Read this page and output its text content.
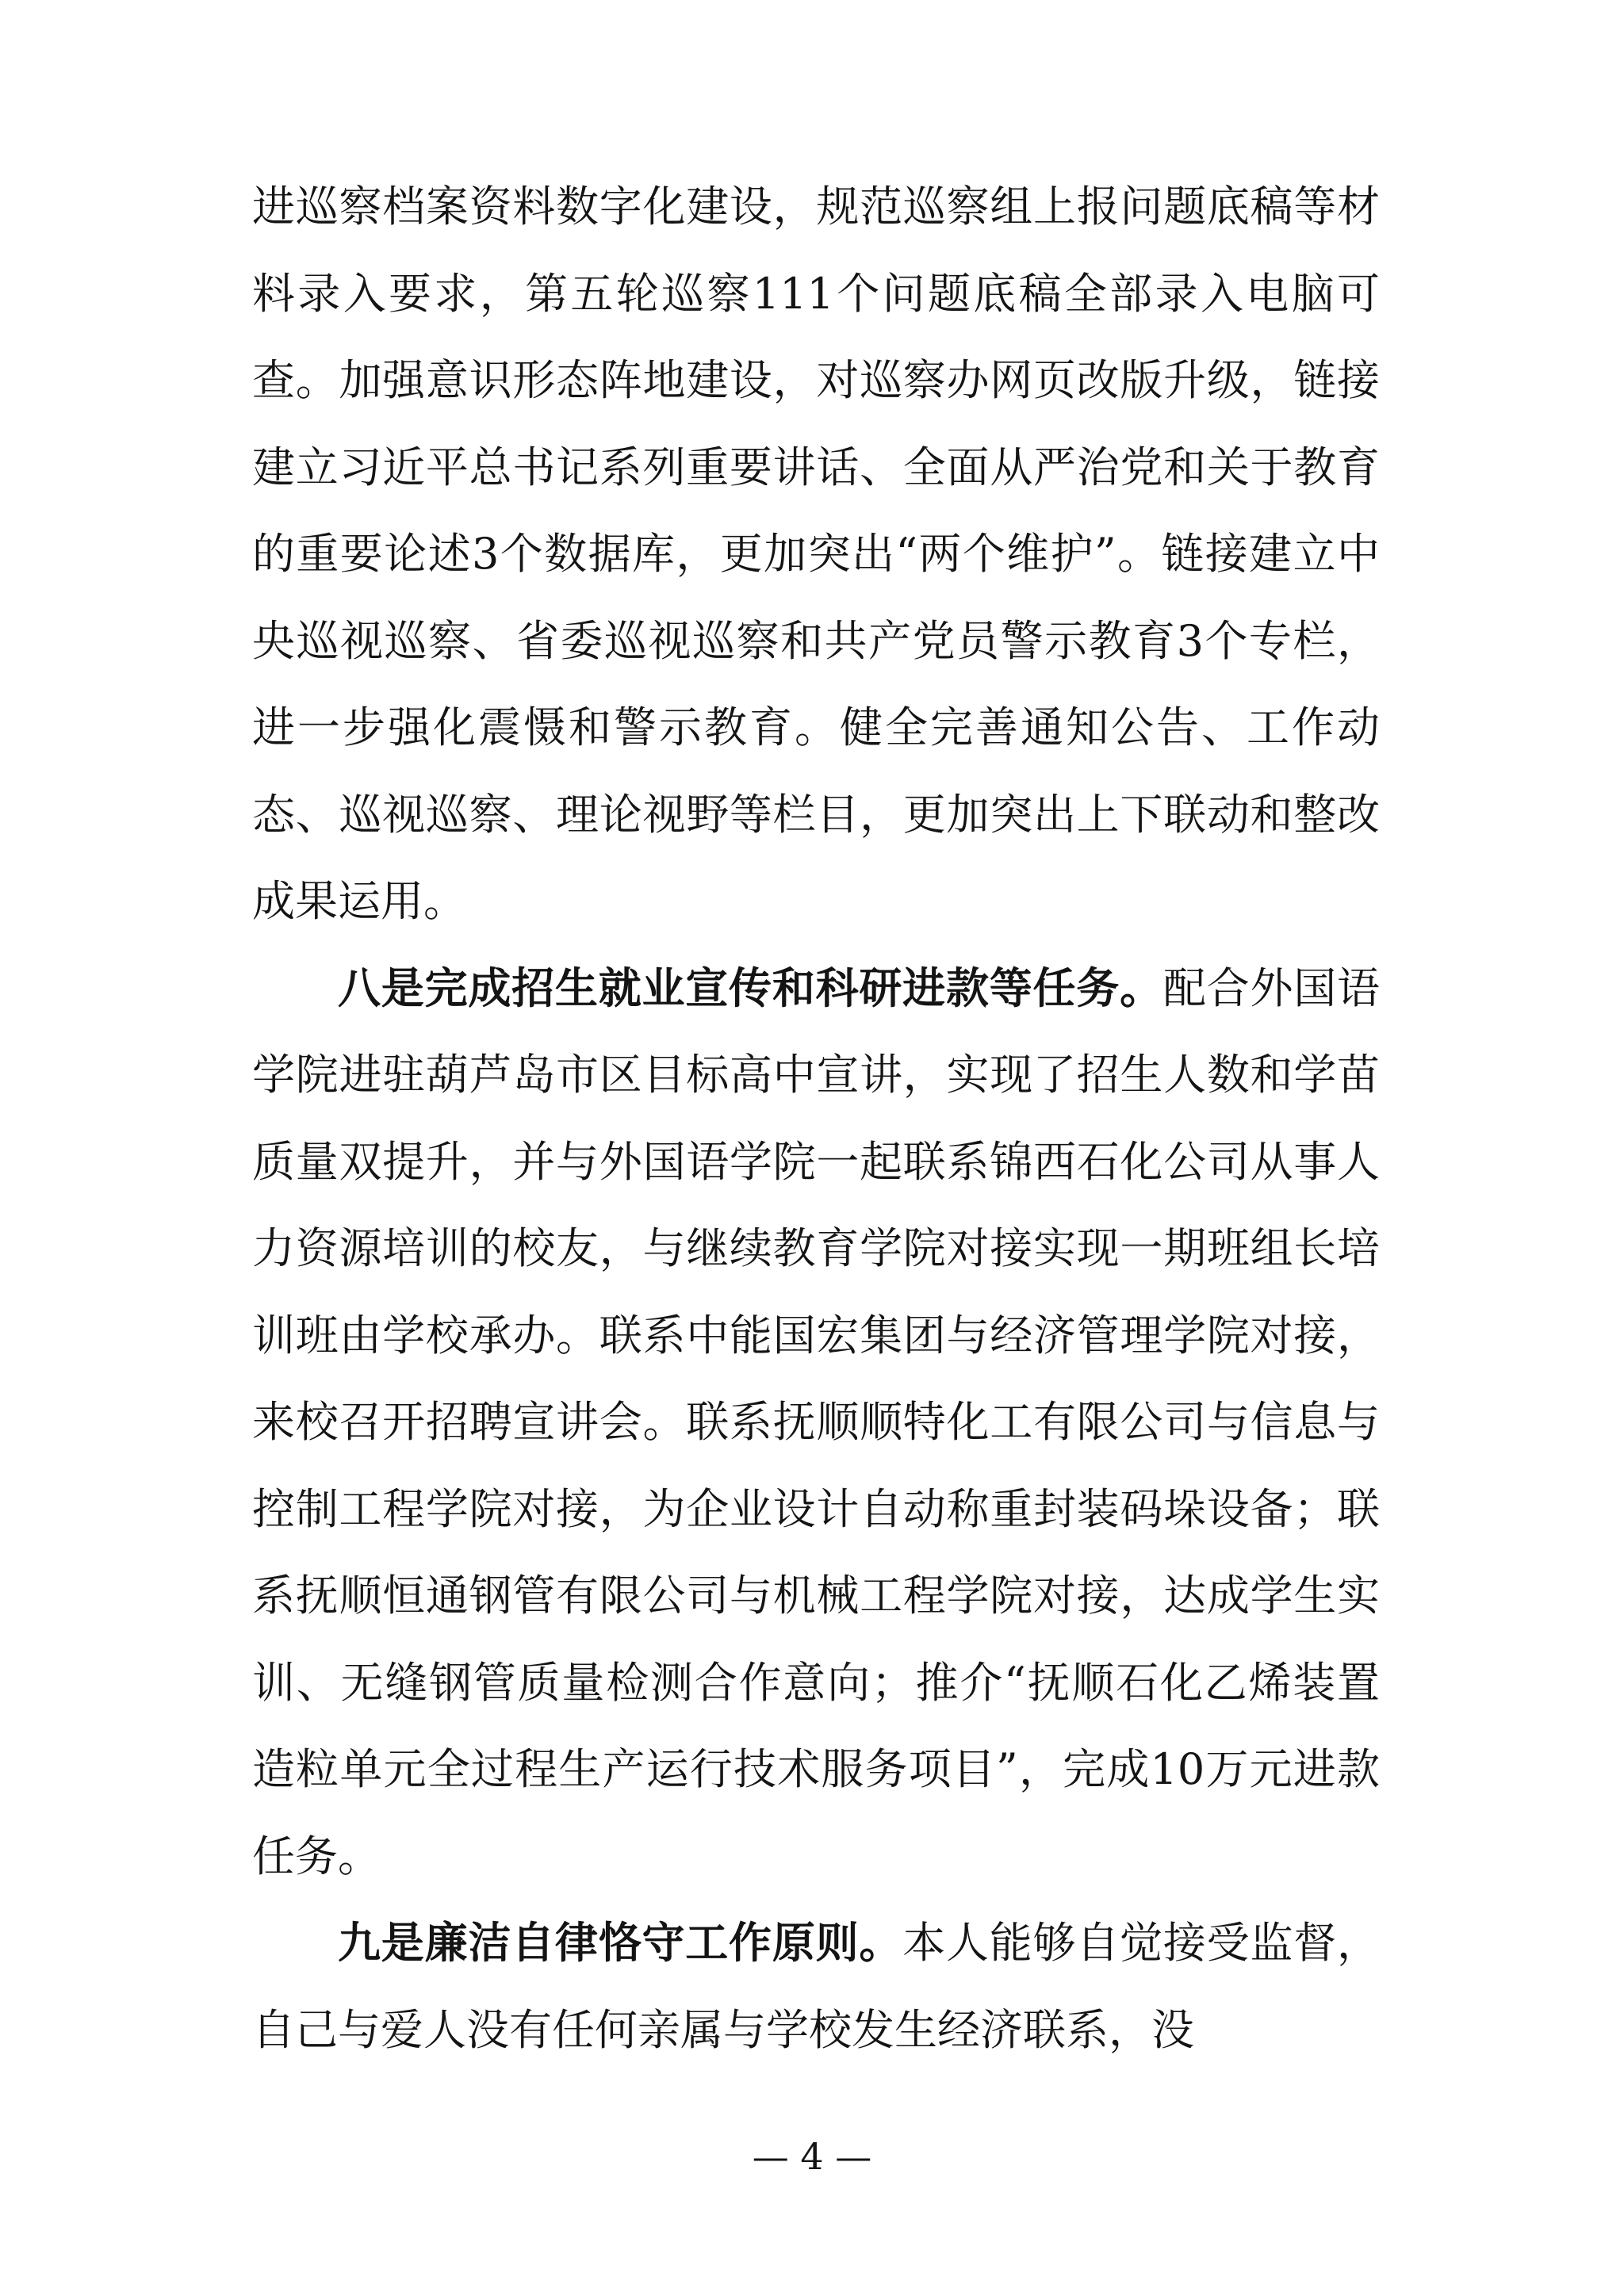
进巡察档案资料数字化建设，规范巡察组上报问题底稿等材料录入要求，第五轮巡察111个问题底稿全部录入电脑可查。加强意识形态阵地建设，对巡察办网页改版升级，链接建立习近平总书记系列重要讲话、全面从严治党和关于教育的重要论述3个数据库，更加突出“两个维护”。链接建立中央巡视巡察、省委巡视巡察和共产党员警示教育3个专栏，进一步强化震慑和警示教育。健全完善通知公告、工作动态、巡视巡察、理论视野等栏目，更加突出上下联动和整改成果运用。

八是完成招生就业宣传和科研进款等任务。配合外国语学院进驻葫芦岛市区目标高中宣讲，实现了招生人数和学苗质量双提升，并与外国语学院一起联系锦西石化公司从事人力资源培训的校友，与继续教育学院对接实现一期班组长培训班由学校承办。联系中能国宏集团与经济管理学院对接，来校召开招聘宣讲会。联系抚顺顺特化工有限公司与信息与控制工程学院对接，为企业设计自动称重封装码垛设备；联系抚顺恒通钢管有限公司与机械工程学院对接，达成学生实训、无缝钢管质量检测合作意向；推介“抚顺石化乙烯装置造粒单元全过程生产运行技术服务项目”，完成10万元进款任务。

九是廉洁自律恪守工作原则。本人能够自觉接受监督，自己与爱人没有任何亲属与学校发生经济联系，没

— 4 —
